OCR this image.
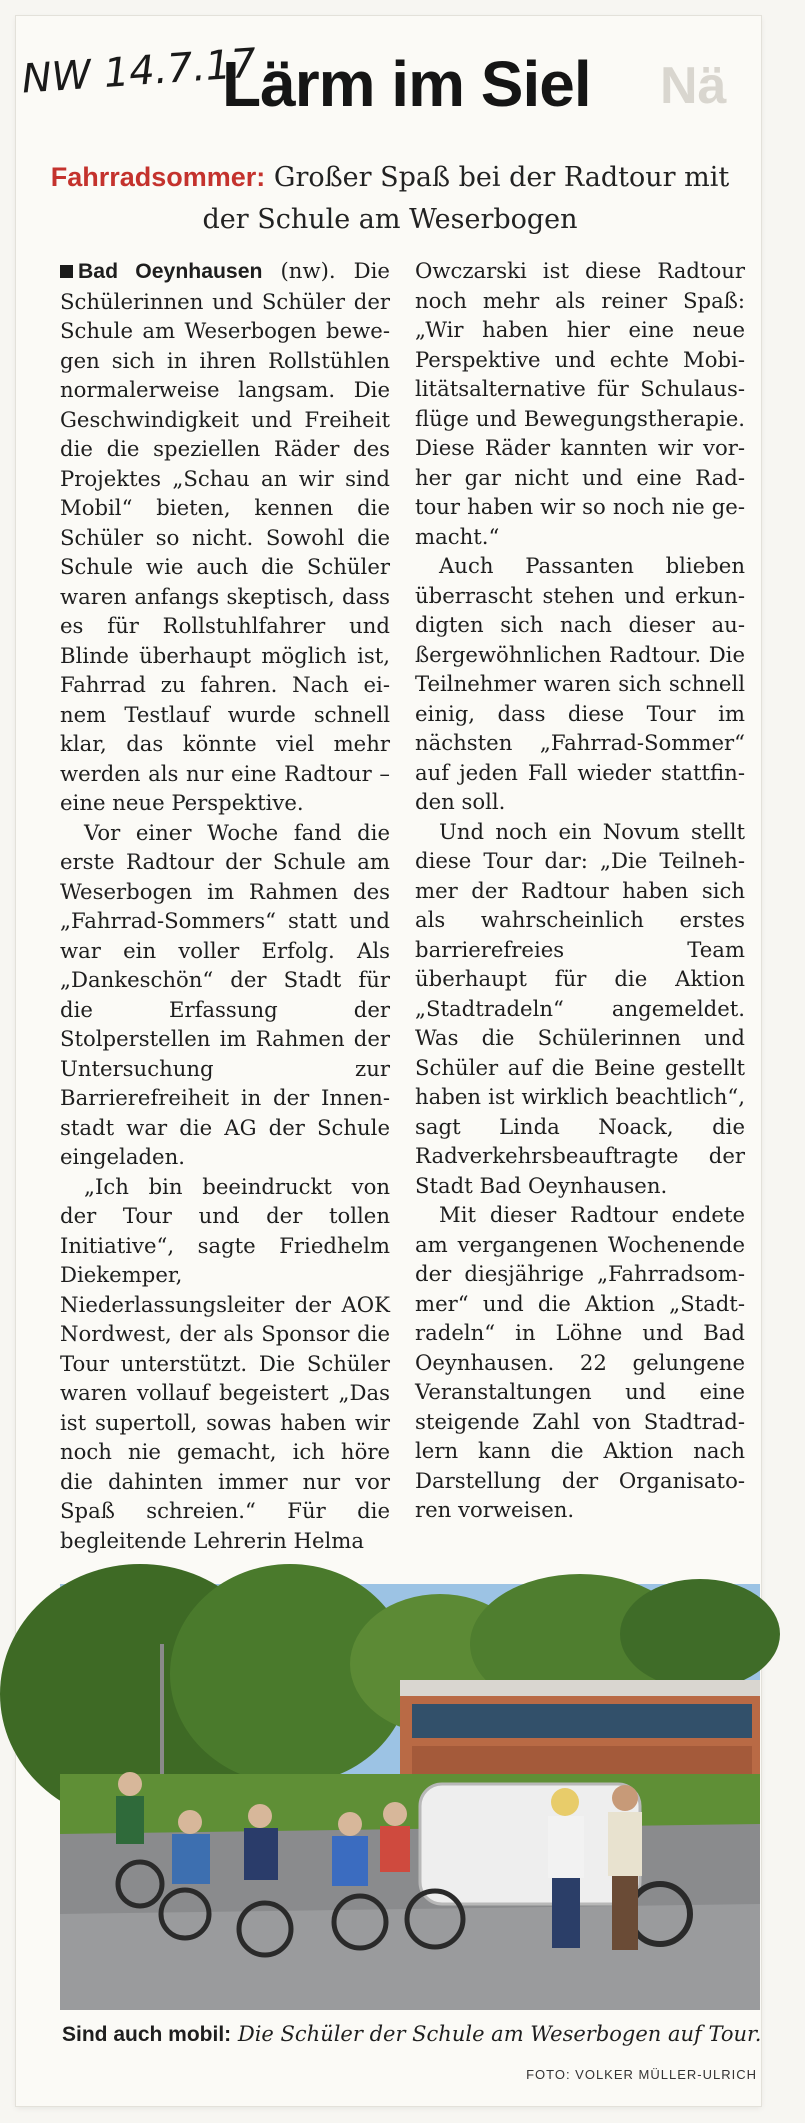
NW 14.7.17
Lärm im Siel Nä

Fahrradsommer: Großer Spaß bei der Radtour mit
der Schule am Weserbogen

Bad Oeynhausen (nw). Die Schülerinnen und Schüler der Schule am Weserbogen bewegen sich in ihren Rollstühlen normalerweise langsam. Die Geschwindigkeit und Freiheit die die speziellen Räder des Projektes „Schau an wir sind Mobil“ bieten, kennen die Schüler so nicht. Sowohl die Schule wie auch die Schüler waren anfangs skeptisch, dass es für Rollstuhlfahrer und Blinde überhaupt möglich ist, Fahrrad zu fahren. Nach einem Testlauf wurde schnell klar, das könnte viel mehr werden als nur eine Radtour – eine neue Perspektive.

Vor einer Woche fand die erste Radtour der Schule am Weserbogen im Rahmen des „Fahrrad-Sommers“ statt und war ein voller Erfolg. Als „Dankeschön“ der Stadt für die Erfassung der Stolperstellen im Rahmen der Untersuchung zur Barrierefreiheit in der Innenstadt war die AG der Schule eingeladen.

„Ich bin beeindruckt von der Tour und der tollen Initiative“, sagte Friedhelm Diekemper, Niederlassungsleiter der AOK Nordwest, der als Sponsor die Tour unterstützt. Die Schüler waren vollauf begeistert „Das ist supertoll, sowas haben wir noch nie gemacht, ich höre die dahinten immer nur vor Spaß schreien.“ Für die begleitende Lehrerin Helma

Owczarski ist diese Radtour noch mehr als reiner Spaß: „Wir haben hier eine neue Perspektive und echte Mobilitätsalternative für Schulausflüge und Bewegungstherapie. Diese Räder kannten wir vorher gar nicht und eine Radtour haben wir so noch nie gemacht.“

Auch Passanten blieben überrascht stehen und erkundigten sich nach dieser außergewöhnlichen Radtour. Die Teilnehmer waren sich schnell einig, dass diese Tour im nächsten „Fahrrad-Sommer“ auf jeden Fall wieder stattfinden soll.

Und noch ein Novum stellt diese Tour dar: „Die Teilnehmer der Radtour haben sich als wahrscheinlich erstes barrierefreies Team überhaupt für die Aktion „Stadtradeln“ angemeldet. Was die Schülerinnen und Schüler auf die Beine gestellt haben ist wirklich beachtlich“, sagt Linda Noack, die Radverkehrsbeauftragte der Stadt Bad Oeynhausen.

Mit dieser Radtour endete am vergangenen Wochenende der diesjährige „Fahrradsommer“ und die Aktion „Stadtradeln“ in Löhne und Bad Oeynhausen. 22 gelungene Veranstaltungen und eine steigende Zahl von Stadtradlern kann die Aktion nach Darstellung der Organisatoren vorweisen.

Sind auch mobil: Die Schüler der Schule am Weserbogen auf Tour.
FOTO: VOLKER MÜLLER-ULRICH
